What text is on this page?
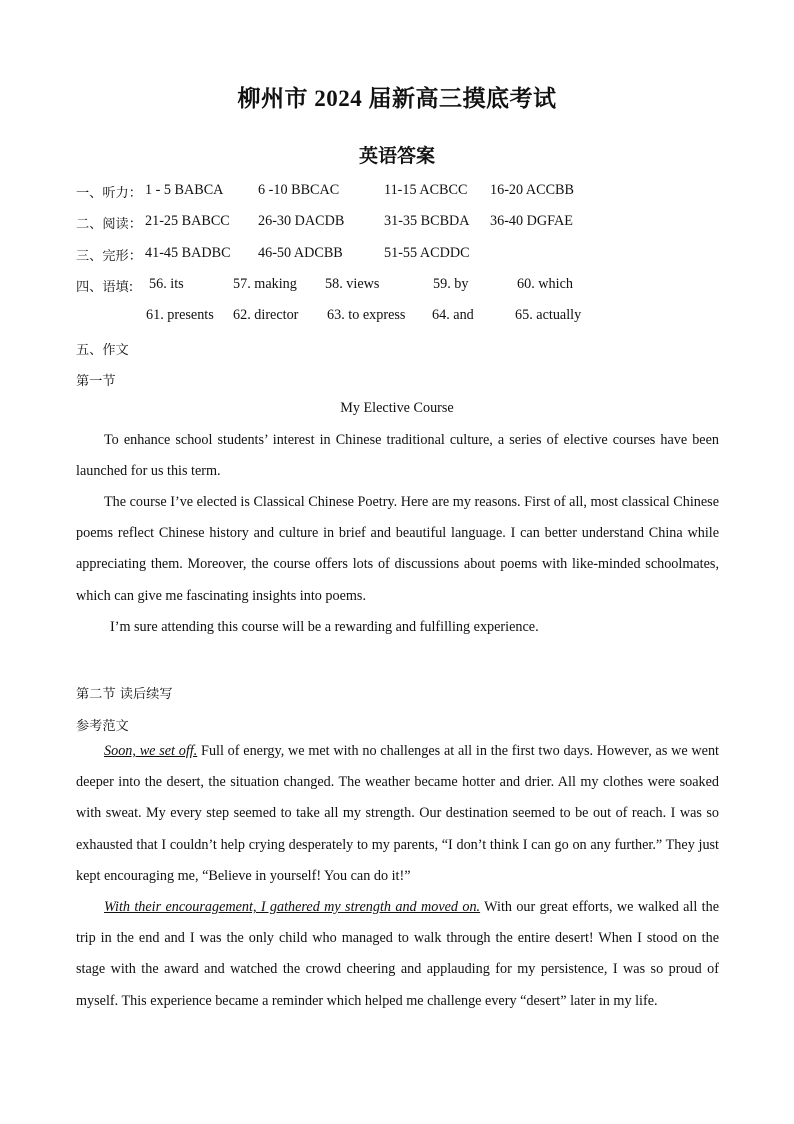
柳州市 2024 届新高三摸底考试
英语答案
一、听力： 1 - 5 BABCA 6 -10 BBCAC	11-15 ACBCC 16-20 ACCBB
二、阅读： 21-25 BABCC 26-30 DACDB	31-35 BCBDA 36-40 DGFAE
三、完形： 41-45 BADBC 46-50 ADCBB	51-55 ACDDC
四、语填: 56. its	57. making 58. views	59. by	60. which
61. presents 62. director 63. to express 64. and	65. actually
五、作文
第一节
My Elective Course

To enhance school students’ interest in Chinese traditional culture, a series of elective courses have been launched for us this term.

The course I’ve elected is Classical Chinese Poetry. Here are my reasons. First of all, most classical Chinese poems reflect Chinese history and culture in brief and beautiful language. I can better understand China while appreciating them. Moreover, the course offers lots of discussions about poems with like-minded schoolmates, which can give me fascinating insights into poems.

I’m sure attending this course will be a rewarding and fulfilling experience.

第二节 读后续写
参考范文

Soon, we set off. Full of energy, we met with no challenges at all in the first two days. However, as we went deeper into the desert, the situation changed. The weather became hotter and drier. All my clothes were soaked with sweat. My every step seemed to take all my strength. Our destination seemed to be out of reach. I was so exhausted that I couldn’t help crying desperately to my parents, “I don’t think I can go on any further.” They just kept encouraging me, “Believe in yourself! You can do it!”

With their encouragement, I gathered my strength and moved on. With our great efforts, we walked all the trip in the end and I was the only child who managed to walk through the entire desert! When I stood on the stage with the award and watched the crowd cheering and applauding for my persistence, I was so proud of myself. This experience became a reminder which helped me challenge every “desert” later in my life.
